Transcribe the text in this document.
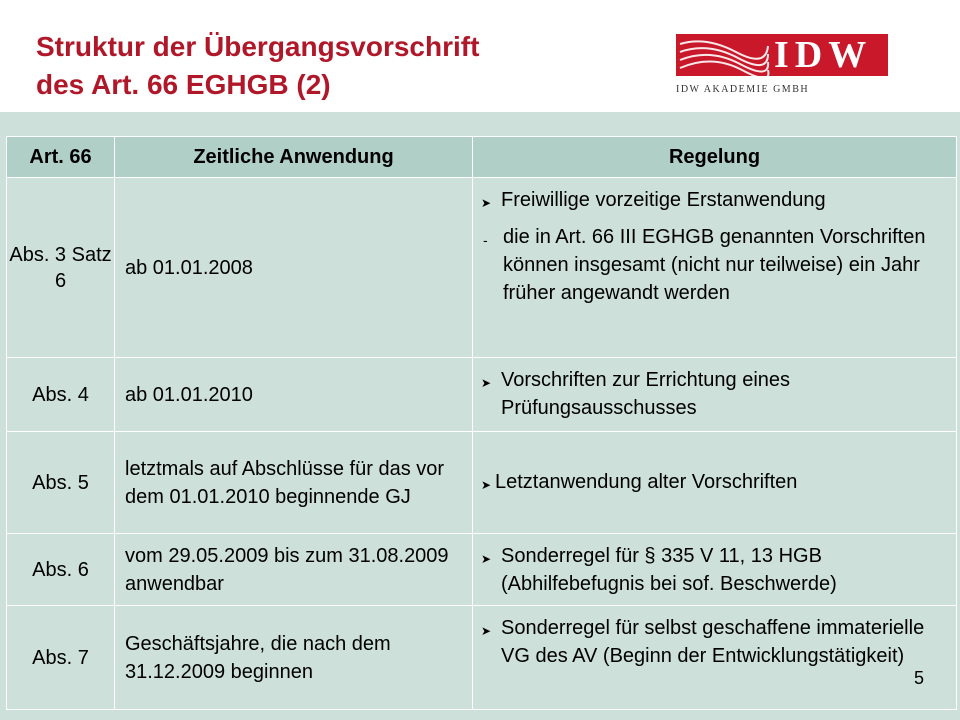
Struktur der Übergangsvorschrift
des Art. 66 EGHGB (2)
IDW
IDW AKADEMIE GMBH
Art. 66	Zeitliche Anwendung	Regelung
Abs. 3 Satz 6	ab 01.01.2008	➤ Freiwillige vorzeitige Erstanwendung
- die in Art. 66 III EGHGB genannten Vorschriften können insgesamt (nicht nur teilweise) ein Jahr früher angewandt werden

Abs. 4	ab 01.01.2010	➤ Vorschriften zur Errichtung eines Prüfungsausschusses

Abs. 5	letztmals auf Abschlüsse für das vor dem 01.01.2010 beginnende GJ	➤ Letztanwendung alter Vorschriften

Abs. 6	vom 29.05.2009 bis zum 31.08.2009 anwendbar	➤ Sonderregel für § 335 V 11, 13 HGB (Abhilfebefugnis bei sof. Beschwerde)

Abs. 7	Geschäftsjahre, die nach dem 31.12.2009 beginnen	➤ Sonderregel für selbst geschaffene immaterielle VG des AV (Beginn der Entwicklungstätigkeit)
5
